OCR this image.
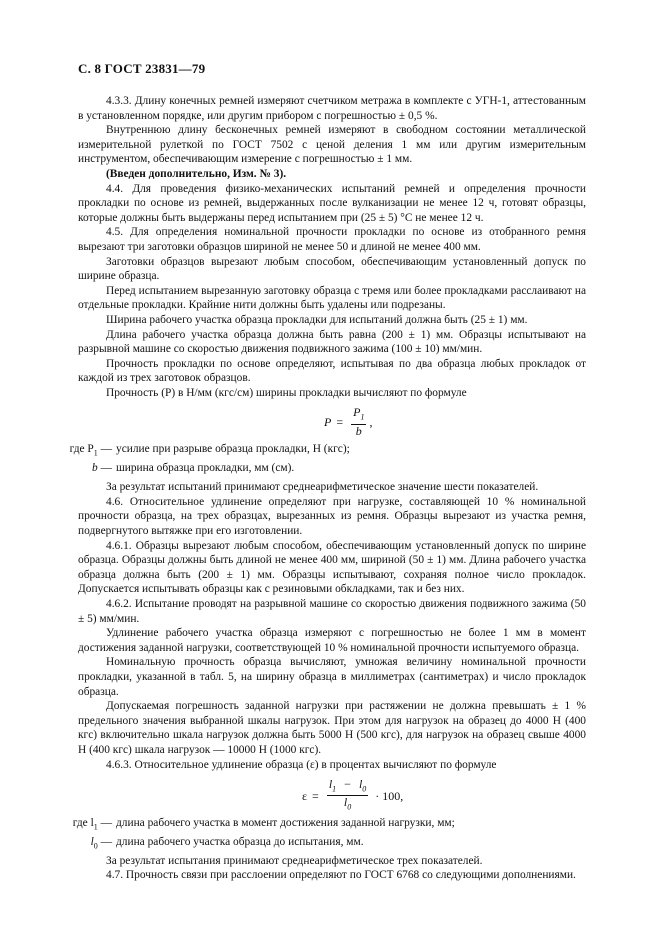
С. 8 ГОСТ 23831—79

4.3.3. Длину конечных ремней измеряют счетчиком метража в комплекте с УГН-1, аттестованным в установленном порядке, или другим прибором с погрешностью ± 0,5 %.

Внутреннюю длину бесконечных ремней измеряют в свободном состоянии металлической измерительной рулеткой по ГОСТ 7502 с ценой деления 1 мм или другим измерительным инструментом, обеспечивающим измерение с погрешностью ± 1 мм.

(Введен дополнительно, Изм. № 3).

4.4. Для проведения физико-механических испытаний ремней и определения прочности прокладки по основе из ремней, выдержанных после вулканизации не менее 12 ч, готовят образцы, которые должны быть выдержаны перед испытанием при (25 ± 5) °С не менее 12 ч.

4.5. Для определения номинальной прочности прокладки по основе из отобранного ремня вырезают три заготовки образцов шириной не менее 50 и длиной не менее 400 мм.

Заготовки образцов вырезают любым способом, обеспечивающим установленный допуск по ширине образца.

Перед испытанием вырезанную заготовку образца с тремя или более прокладками расслаивают на отдельные прокладки. Крайние нити должны быть удалены или подрезаны.

Ширина рабочего участка образца прокладки для испытаний должна быть (25 ± 1) мм.

Длина рабочего участка образца должна быть равна (200 ± 1) мм. Образцы испытывают на разрывной машине со скоростью движения подвижного зажима (100 ± 10) мм/мин.

Прочность прокладки по основе определяют, испытывая по два образца любых прокладок от каждой из трех заготовок образцов.

Прочность (P) в Н/мм (кгс/см) ширины прокладки вычисляют по формуле

$P = \frac{P_1}{b}$ ,
где $P_1$ — усилие при разрыве образца прокладки, Н (кгс);
b — ширина образца прокладки, мм (см).

За результат испытаний принимают среднеарифметическое значение шести показателей.

4.6. Относительное удлинение определяют при нагрузке, составляющей 10 % номинальной прочности образца, на трех образцах, вырезанных из ремня. Образцы вырезают из участка ремня, подвергнутого вытяжке при его изготовлении.

4.6.1. Образцы вырезают любым способом, обеспечивающим установленный допуск по ширине образца. Образцы должны быть длиной не менее 400 мм, шириной (50 ± 1) мм. Длина рабочего участка образца должна быть (200 ± 1) мм. Образцы испытывают, сохраняя полное число прокладок. Допускается испытывать образцы как с резиновыми обкладками, так и без них.

4.6.2. Испытание проводят на разрывной машине со скоростью движения подвижного зажима (50 ± 5) мм/мин.

Удлинение рабочего участка образца измеряют с погрешностью не более 1 мм в момент достижения заданной нагрузки, соответствующей 10 % номинальной прочности испытуемого образца.

Номинальную прочность образца вычисляют, умножая величину номинальной прочности прокладки, указанной в табл. 5, на ширину образца в миллиметрах (сантиметрах) и число прокладок образца.

Допускаемая погрешность заданной нагрузки при растяжении не должна превышать ± 1 % предельного значения выбранной шкалы нагрузок. При этом для нагрузок на образец до 4000 Н (400 кгс) включительно шкала нагрузок должна быть 5000 Н (500 кгс), для нагрузок на образец свыше 4000 Н (400 кгс) шкала нагрузок — 10000 Н (1000 кгс).

4.6.3. Относительное удлинение образца (ε) в процентах вычисляют по формуле

$\varepsilon = \frac{l_1 - l_0}{l_0} \cdot 100$,
где $l_1$ — длина рабочего участка в момент достижения заданной нагрузки, мм;
$l_0$ — длина рабочего участка образца до испытания, мм.

За результат испытания принимают среднеарифметическое трех показателей.

4.7. Прочность связи при расслоении определяют по ГОСТ 6768 со следующими дополнениями.
